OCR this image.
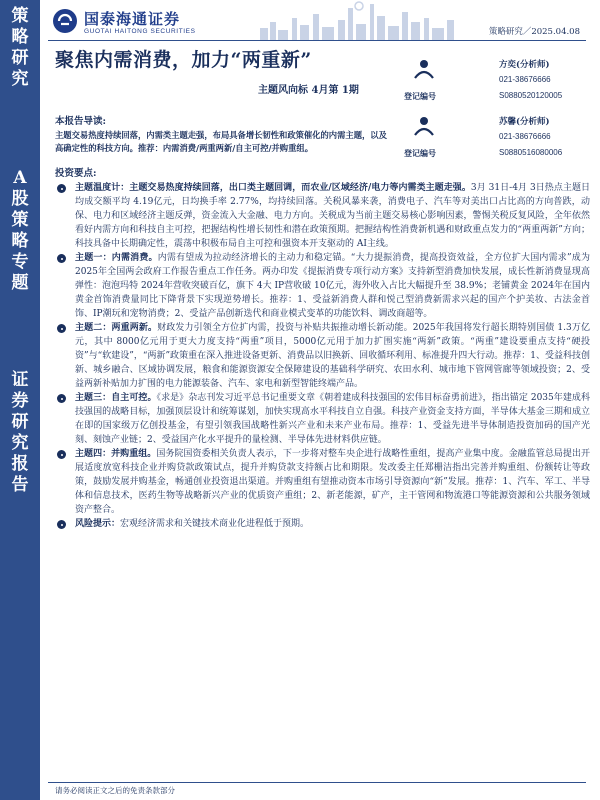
策
略
研
究
A
股
策
略
专
题
证
券
研
究
报
告
国泰海通证券
GUOTAI HAITONG SECURITIES	策略研究／2025.04.08
聚焦内需消费，加力“两重新”
主题风向标 4月第 1期
方奕(分析师)
021-38676666
登记编号	S0880520120005
苏馨(分析师)
021-38676666
登记编号	S0880516080006
本报告导读:
主题交易热度持续回落，内需类主题走强，布局具备增长韧性和政策催化的内需主题，以及高确定性的科技方向。推荐：内需消费/两重两新/自主可控/并购重组。
投资要点:
主题温度计：主题交易热度持续回落，出口类主题回调，而农业/区域经济/电力等内需类主题走强。3月 31日-4月 3日热点主题日均成交额平均 4.19亿元，日均换手率 2.77%，均持续回落。关税风暴来袭，消费电子、汽车等对美出口占比高的方向普跌，动保、电力和区域经济主题反弹，资金流入大金融、电力方向。关税成为当前主题交易核心影响因素，警惕关税反复风险，全年依然看好内需方向和科技自主可控，把握结构性增长韧性和潜在政策预期。把握结构性消费新机遇和财政重点发力的“两重两新”方向；科技具备中长期确定性，震荡中积极布局自主可控和强资本开支驱动的 AI主线。
主题一：内需消费。内需有望成为拉动经济增长的主动力和稳定锚。“大力提振消费，提高投资效益，全方位扩大国内需求”成为 2025年全国两会政府工作报告重点工作任务。两办印发《提振消费专项行动方案》支持新型消费加快发展，成长性新消费显现高弹性：泡泡玛特 2024年营收突破百亿，旗下 4大 IP营收破 10亿元，海外收入占比大幅提升至 38.9%；老铺黄金 2024年在国内黄金首饰消费量同比下降背景下实现逆势增长。推荐：1、受益新消费人群和悦己型消费新需求兴起的国产个护美妆、古法金首饰、IP潮玩和宠物消费；2、受益产品创新迭代和商业模式变革的功能饮料、调改商超等。
主题二：两重两新。财政发力引领全方位扩内需，投资与补贴共振推动增长新动能。2025年我国将发行超长期特别国债 1.3万亿元，其中 8000亿元用于更大力度支持“两重”项目，5000亿元用于加力扩围实施“两新”政策。“两重”建设要重点支持“硬投资”与“软建设”，“两新”政策重在深入推进设备更新、消费品以旧换新、回收循环利用、标准提升四大行动。推荐：1、受益科技创新、城乡融合、区域协调发展，粮食和能源资源安全保障建设的基础科学研究、农田水利、城市地下管网管廊等领域投资；2、受益两新补贴加力扩围的电力能源装备、汽车、家电和新型智能终端产品。
主题三：自主可控。《求是》杂志刊发习近平总书记重要文章《朝着建成科技强国的宏伟目标奋勇前进》，指出锚定 2035年建成科技强国的战略目标，加强顶层设计和统筹谋划，加快实现高水平科技自立自强。科技产业资金支持方面，半导体大基金三期和成立在即的国家级万亿创投基金，有望引领我国战略性新兴产业和未来产业布局。推荐：1、受益先进半导体制造投资加码的国产光刻、刻蚀产业链；2、受益国产化水平提升的量检测、半导体先进材料供应链。
主题四：并购重组。国务院国资委相关负责人表示，下一步将对整车央企进行战略性重组，提高产业集中度。金融监管总局提出开展适度放宽科技企业并购贷款政策试点，提升并购贷款支持额占比和期限。发改委主任郑栅洁指出完善并购重组、份额转让等政策，鼓励发展并购基金，畅通创业投资退出渠道。并购重组有望推动资本市场引导资源向“新”发展。推荐：1、汽车、军工、半导体和信息技术，医药生物等战略新兴产业的优质资产重组；2、新老能源，矿产，主干管网和物流港口等能源资源和公共服务领域资产整合。
风险提示：宏观经济需求和关键技术商业化进程低于预期。
请务必阅读正文之后的免责条款部分
